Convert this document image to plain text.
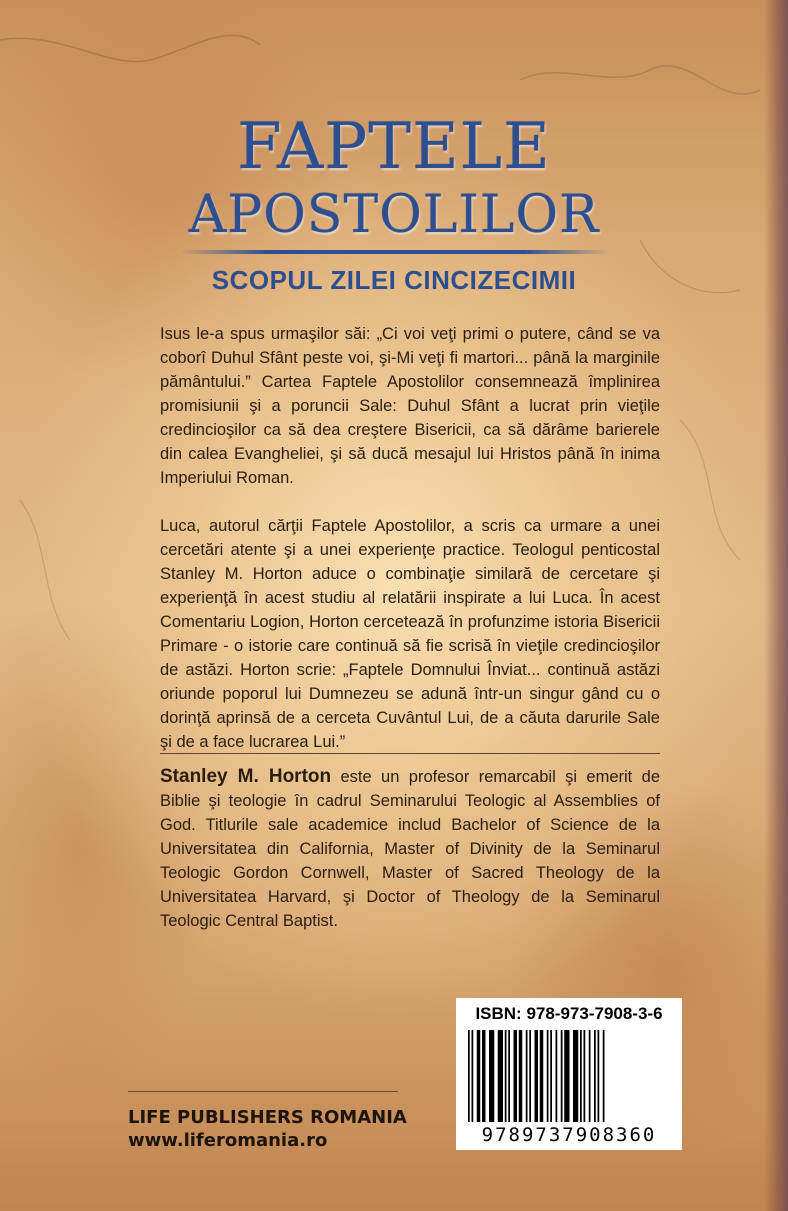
FAPTELE
APOSTOLILOR
SCOPUL ZILEI CINCIZECIMII

Isus le-a spus urmaşilor săi: „Ci voi veţi primi o putere, când se va coborî Duhul Sfânt peste voi, şi-Mi veţi fi martori... până la marginile pământului.” Cartea Faptele Apostolilor consemnează împlinirea promisiunii şi a poruncii Sale: Duhul Sfânt a lucrat prin vieţile credincioşilor ca să dea creştere Bisericii, ca să dărâme barierele din calea Evangheliei, şi să ducă mesajul lui Hristos până în inima Imperiului Roman.

Luca, autorul cărţii Faptele Apostolilor, a scris ca urmare a unei cercetări atente şi a unei experienţe practice. Teologul penticostal Stanley M. Horton aduce o combinaţie similară de cercetare şi experienţă în acest studiu al relatării inspirate a lui Luca. În acest Comentariu Logion, Horton cercetează în profunzime istoria Bisericii Primare - o istorie care continuă să fie scrisă în vieţile credincioşilor de astăzi. Horton scrie: „Faptele Domnului Înviat... continuă astăzi oriunde poporul lui Dumnezeu se adună într-un singur gând cu o dorinţă aprinsă de a cerceta Cuvântul Lui, de a căuta darurile Sale şi de a face lucrarea Lui.”

Stanley M. Horton este un profesor remarcabil şi emerit de Biblie şi teologie în cadrul Seminarului Teologic al Assemblies of God. Titlurile sale academice includ Bachelor of Science de la Universitatea din California, Master of Divinity de la Seminarul Teologic Gordon Cornwell, Master of Sacred Theology de la Universitatea Harvard, şi Doctor of Theology de la Seminarul Teologic Central Baptist.

ISBN: 978-973-7908-3-6
9789737908360
LIFE PUBLISHERS ROMANIA
www.liferomania.ro
